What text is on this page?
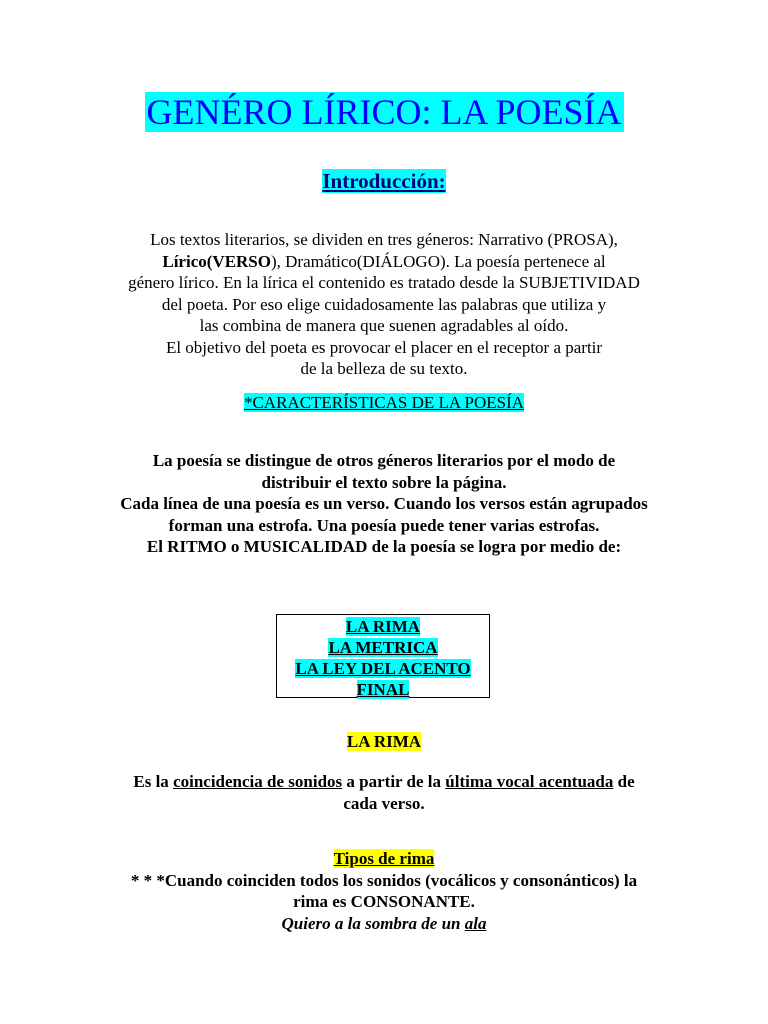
GENÉRO LÍRICO: LA POESÍA
Introducción:
Los textos literarios, se dividen en tres géneros: Narrativo (PROSA),
Lírico(VERSO), Dramático(DIÁLOGO). La poesía pertenece al
género lírico. En la lírica el contenido es tratado desde la SUBJETIVIDAD
del poeta. Por eso elige cuidadosamente las palabras que utiliza y
las combina de manera que suenen agradables al oído.
El objetivo del poeta es provocar el placer en el receptor a partir
de la belleza de su texto.
*CARACTERÍSTICAS DE LA POESÍA
La poesía se distingue de otros géneros literarios por el modo de
distribuir el texto sobre la página.
Cada línea de una poesía es un verso. Cuando los versos están agrupados
forman una estrofa. Una poesía puede tener varias estrofas.
El RITMO o MUSICALIDAD de la poesía se logra por medio de:
LA RIMA
LA METRICA
LA LEY DEL ACENTO
FINAL
LA RIMA
Es la coincidencia de sonidos a partir de la última vocal acentuada de
cada verso.
Tipos de rima
* * *Cuando coinciden todos los sonidos (vocálicos y consonánticos) la
rima es CONSONANTE.
Quiero a la sombra de un ala
